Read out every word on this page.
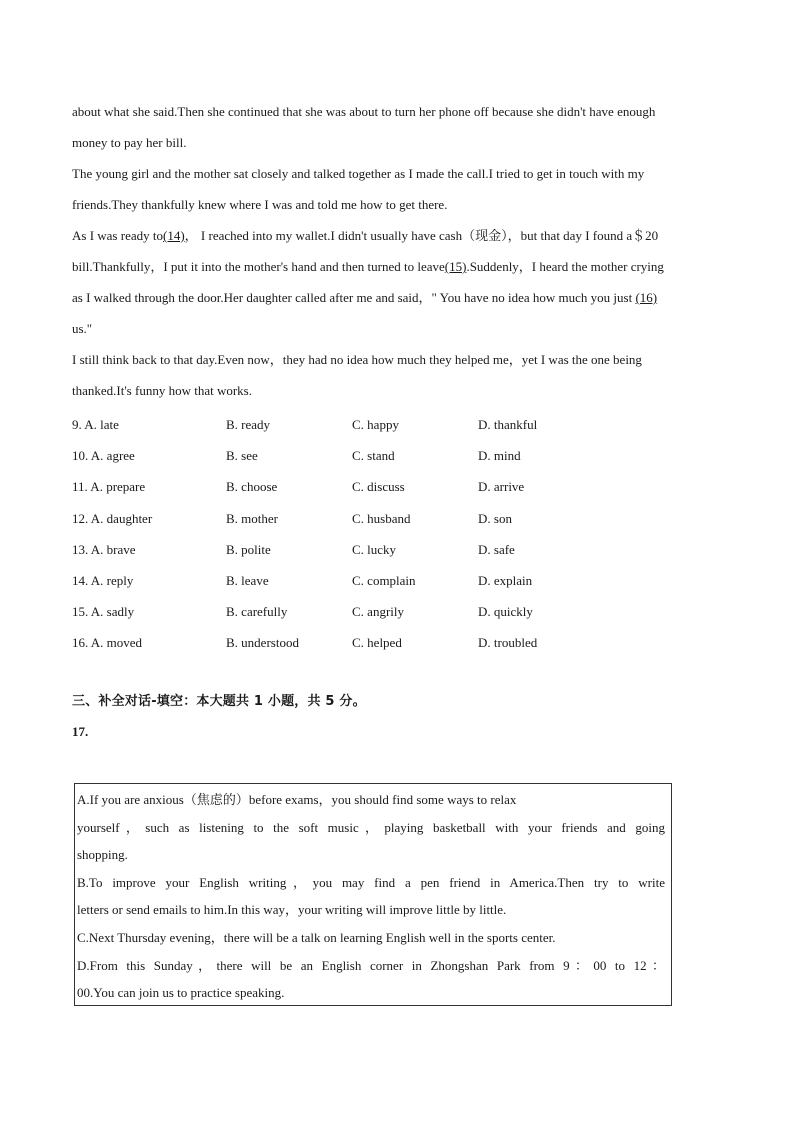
about what she said.Then she continued that she was about to turn her phone off because she didn't have enough
money to pay her bill.
The young girl and the mother sat closely and talked together as I made the call.I tried to get in touch with my
friends.They thankfully knew where I was and told me how to get there.
As I was ready to(14)， I reached into my wallet.I didn't usually have cash（现金），but that day I found a＄20
bill.Thankfully，I put it into the mother's hand and then turned to leave(15).Suddenly，I heard the mother crying
as I walked through the door.Her daughter called after me and said，" You have no idea how much you just (16)
us."
I still think back to that day.Even now，they had no idea how much they helped me，yet I was the one being
thanked.It's funny how that works.
9. A. late	B. ready	C. happy	D. thankful
10. A. agree	B. see	C. stand	D. mind
11. A. prepare	B. choose	C. discuss	D. arrive
12. A. daughter	B. mother	C. husband	D. son
13. A. brave	B. polite	C. lucky	D. safe
14. A. reply	B. leave	C. complain	D. explain
15. A. sadly	B. carefully	C. angrily	D. quickly
16. A. moved	B. understood	C. helped	D. troubled
三、补全对话-填空：本大题共 1 小题，共 5 分。
17.

A.If you are anxious（焦虑的）before exams，you should find some ways to relax

yourself，such as listening to the soft music，playing basketball with your friends and going

shopping.

B.To improve your English writing，you may find a pen friend in America.Then try to write

letters or send emails to him.In this way，your writing will improve little by little.

C.Next Thursday evening，there will be a talk on learning English well in the sports center.

D.From this Sunday，there will be an English corner in Zhongshan Park from 9：00 to 12：

00.You can join us to practice speaking.
